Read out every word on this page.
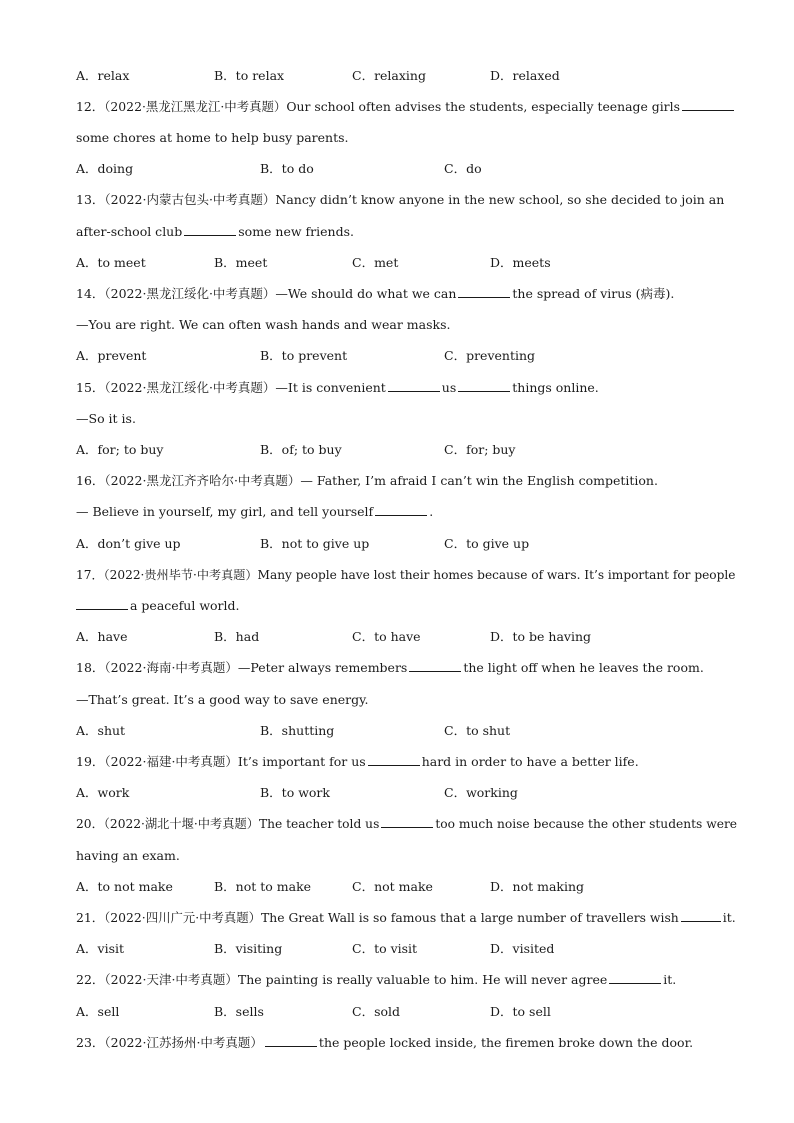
A．relax	B．to relax	C．relaxing	D．relaxed
12．（2022·黑龙江黑龙江·中考真题）Our school often advises the students, especially teenage girls
some chores at home to help busy parents.
A．doing	B．to do	C．do
13．（2022·内蒙古包头·中考真题）Nancy didn’t know anyone in the new school, so she decided to join an
after-school club	some new friends.
A．to meet	B．meet	C．met	D．meets
14．（2022·黑龙江绥化·中考真题）—We should do what we can	the spread of virus (病毒).
—You are right. We can often wash hands and wear masks.
A．prevent	B．to prevent	C．preventing
15．（2022·黑龙江绥化·中考真题）—It is convenient	us	things online.
—So it is.
A．for; to buy	B．of; to buy	C．for; buy
16．（2022·黑龙江齐齐哈尔·中考真题）— Father, I’m afraid I can’t win the English competition.
— Believe in yourself, my girl, and tell yourself	.
A．don’t give up	B．not to give up	C．to give up
17．（2022·贵州毕节·中考真题）Many people have lost their homes because of wars. It’s important for people
a peaceful world.
A．have	B．had	C．to have	D．to be having
18．（2022·海南·中考真题）—Peter always remembers	the light off when he leaves the room.
—That’s great. It’s a good way to save energy.
A．shut	B．shutting	C．to shut
19．（2022·福建·中考真题）It’s important for us	hard in order to have a better life.
A．work	B．to work	C．working
20．（2022·湖北十堰·中考真题）The teacher told us	too much noise because the other students were
having an exam.
A．to not make	B．not to make	C．not make	D．not making
21．（2022·四川广元·中考真题）The Great Wall is so famous that a large number of travellers wish	it.
A．visit	B．visiting	C．to visit	D．visited
22．（2022·天津·中考真题）The painting is really valuable to him. He will never agree	it.
A．sell	B．sells	C．sold	D．to sell
23．（2022·江苏扬州·中考真题）	the people locked inside, the firemen broke down the door.
